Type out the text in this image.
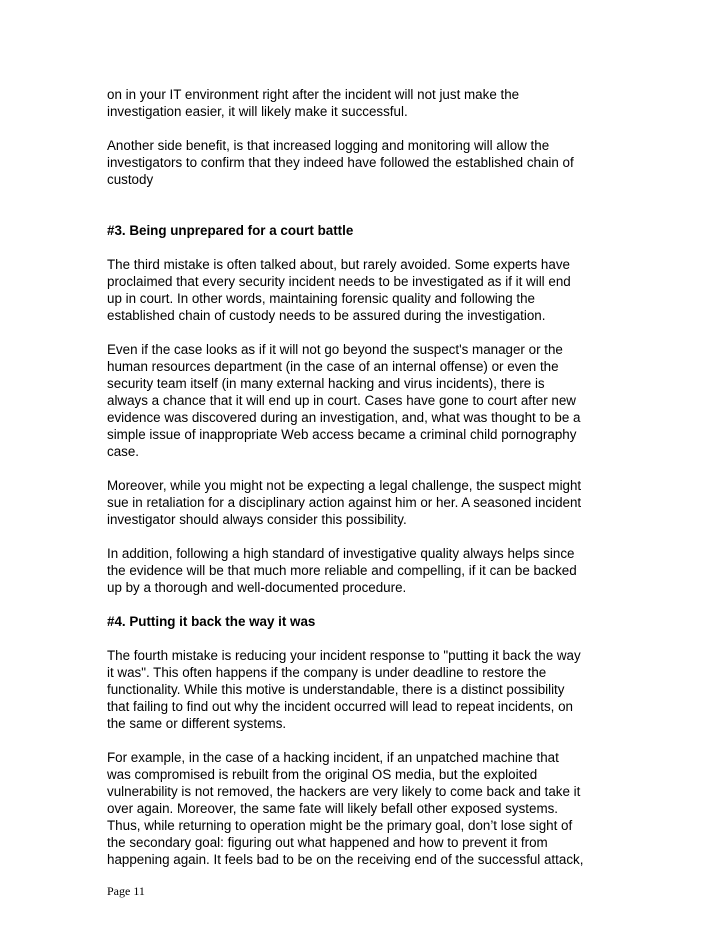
on in your IT environment right after the incident will not just make the
investigation easier, it will likely make it successful.

Another side benefit, is that increased logging and monitoring will allow the
investigators to confirm that they indeed have followed the established chain of
custody

#3. Being unprepared for a court battle

The third mistake is often talked about, but rarely avoided. Some experts have
proclaimed that every security incident needs to be investigated as if it will end
up in court. In other words, maintaining forensic quality and following the
established chain of custody needs to be assured during the investigation.

Even if the case looks as if it will not go beyond the suspect's manager or the
human resources department (in the case of an internal offense) or even the
security team itself (in many external hacking and virus incidents), there is
always a chance that it will end up in court. Cases have gone to court after new
evidence was discovered during an investigation, and, what was thought to be a
simple issue of inappropriate Web access became a criminal child pornography
case.

Moreover, while you might not be expecting a legal challenge, the suspect might
sue in retaliation for a disciplinary action against him or her. A seasoned incident
investigator should always consider this possibility.

In addition, following a high standard of investigative quality always helps since
the evidence will be that much more reliable and compelling, if it can be backed
up by a thorough and well-documented procedure.

#4. Putting it back the way it was

The fourth mistake is reducing your incident response to "putting it back the way
it was". This often happens if the company is under deadline to restore the
functionality. While this motive is understandable, there is a distinct possibility
that failing to find out why the incident occurred will lead to repeat incidents, on
the same or different systems.

For example, in the case of a hacking incident, if an unpatched machine that
was compromised is rebuilt from the original OS media, but the exploited
vulnerability is not removed, the hackers are very likely to come back and take it
over again. Moreover, the same fate will likely befall other exposed systems.
Thus, while returning to operation might be the primary goal, don’t lose sight of
the secondary goal: figuring out what happened and how to prevent it from
happening again. It feels bad to be on the receiving end of the successful attack,

Page 11
